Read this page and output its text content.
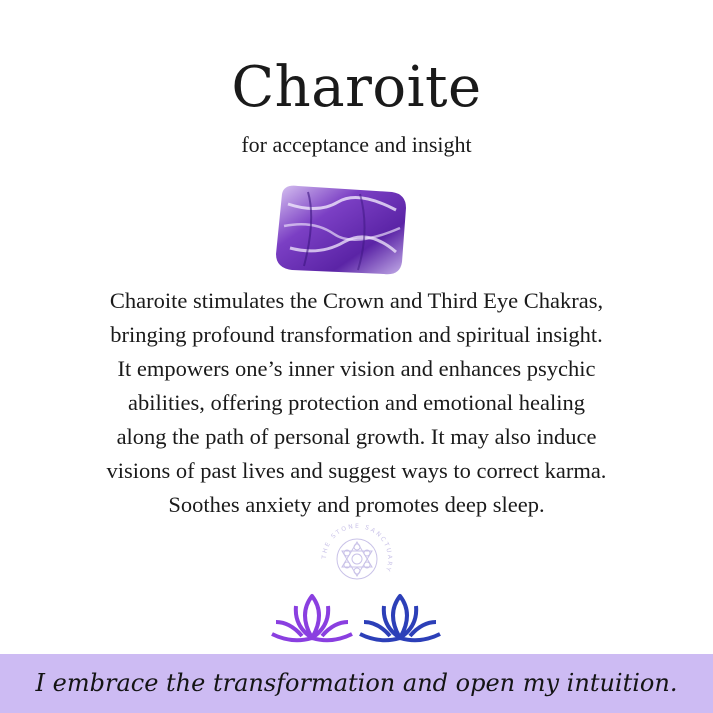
Charoite
for acceptance and insight
Charoite stimulates the Crown and Third Eye Chakras,
bringing profound transformation and spiritual insight.
It empowers one’s inner vision and enhances psychic
abilities, offering protection and emotional healing
along the path of personal growth. It may also induce
visions of past lives and suggest ways to correct karma.
Soothes anxiety and promotes deep sleep.
THE STONE SANCTUARY
I embrace the transformation and open my intuition.
